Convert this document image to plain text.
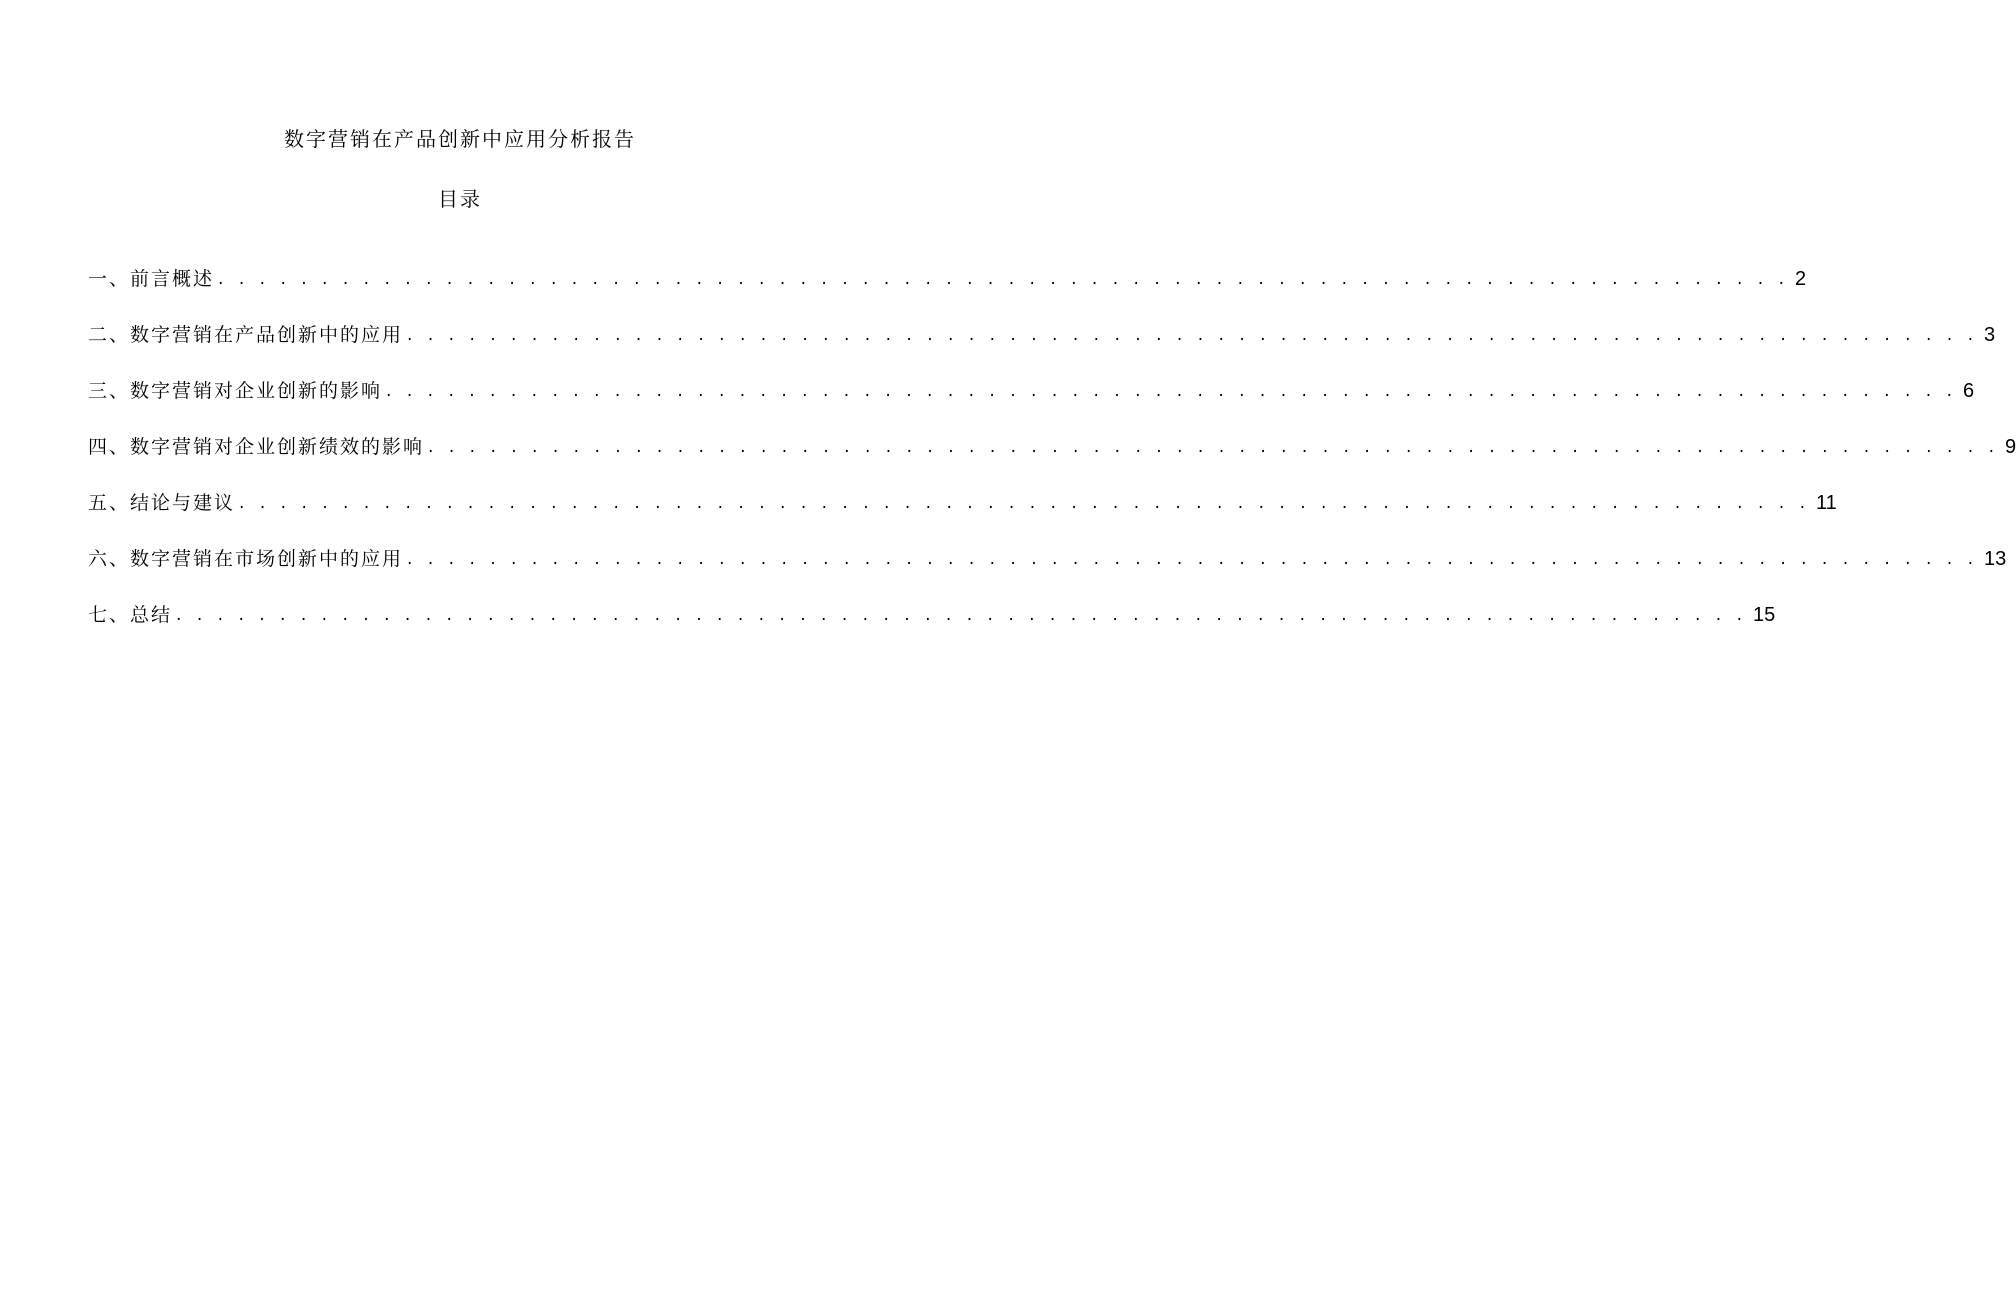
数字营销在产品创新中应用分析报告
目录
一、前言概述 . . . . . . . . . . . . . . . . . . . . . . . . . . . . . . . . . . . . . . . . . . . . . . . . . . . . . . . . . . . . . . . . . . . . . . . . . . . . 2
二、数字营销在产品创新中的应用 . . . . . . . . . . . . . . . . . . . . . . . . . . . . . . . . . . . . . . . . . . . . . . . . . . . . . . . . . . . . . . . . . . . . . . . . . . . . 3
三、数字营销对企业创新的影响 . . . . . . . . . . . . . . . . . . . . . . . . . . . . . . . . . . . . . . . . . . . . . . . . . . . . . . . . . . . . . . . . . . . . . . . . . . . . 6
四、数字营销对企业创新绩效的影响 . . . . . . . . . . . . . . . . . . . . . . . . . . . . . . . . . . . . . . . . . . . . . . . . . . . . . . . . . . . . . . . . . . . . . . . . . . . . 9
五、结论与建议 . . . . . . . . . . . . . . . . . . . . . . . . . . . . . . . . . . . . . . . . . . . . . . . . . . . . . . . . . . . . . . . . . . . . . . . . . . . . 11
六、数字营销在市场创新中的应用 . . . . . . . . . . . . . . . . . . . . . . . . . . . . . . . . . . . . . . . . . . . . . . . . . . . . . . . . . . . . . . . . . . . . . . . . . . . . 13
七、总结 . . . . . . . . . . . . . . . . . . . . . . . . . . . . . . . . . . . . . . . . . . . . . . . . . . . . . . . . . . . . . . . . . . . . . . . . . . . . 15
